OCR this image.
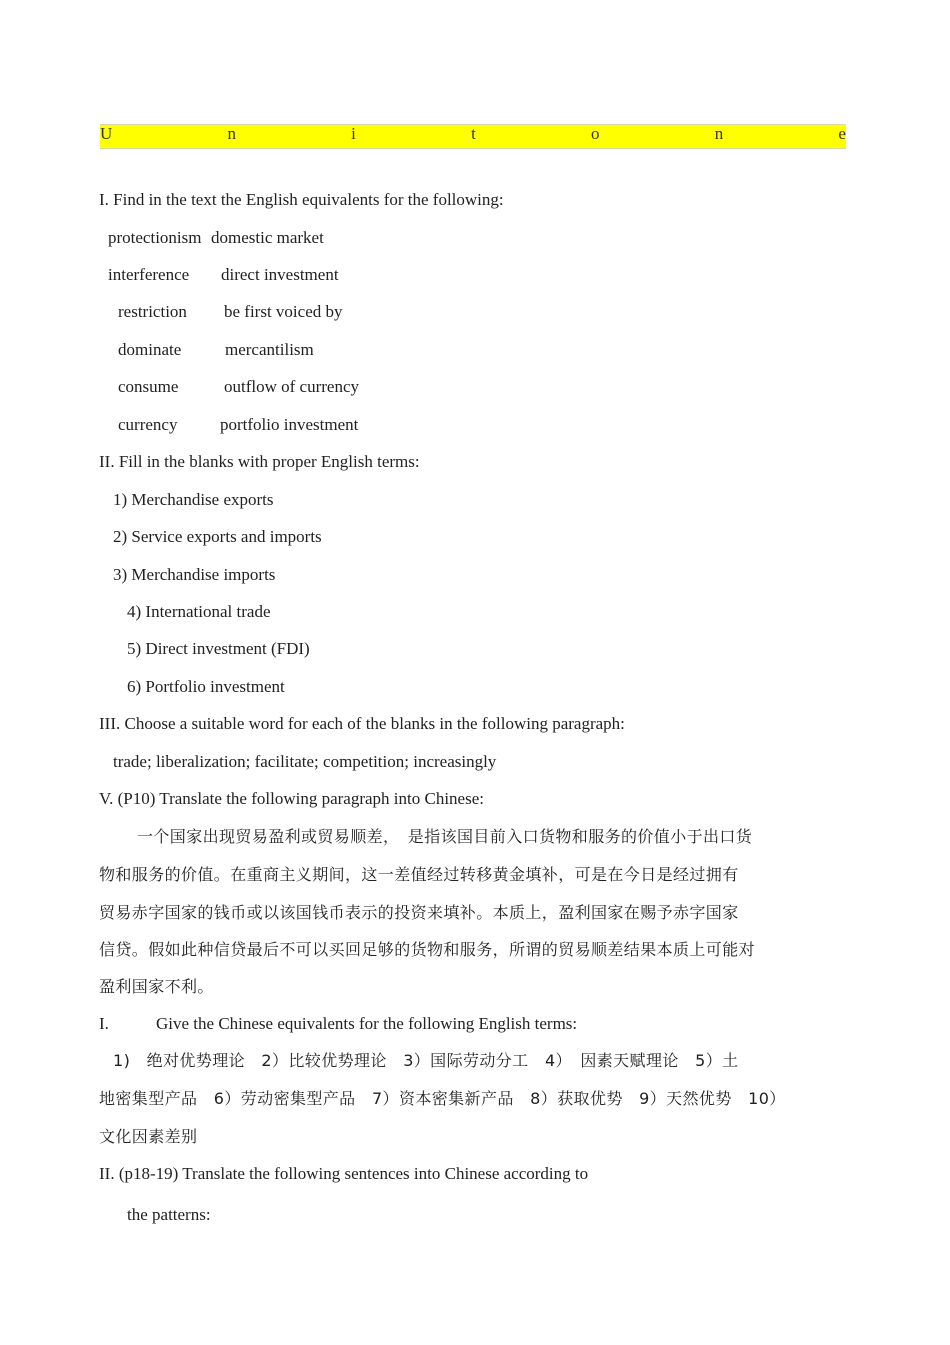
U	n	i	t	o	n	e
I. Find in the text the English equivalents for the following:
protectionism domestic market
interference direct investment
restriction be first voiced by
dominate	mercantilism
consume	outflow of currency
currency	portfolio investment
II. Fill in the blanks with proper English terms:
1) Merchandise exports
2) Service exports and imports
3) Merchandise imports
4) International trade
5) Direct investment (FDI)
6) Portfolio investment
III. Choose a suitable word for each of the blanks in the following paragraph:
trade; liberalization; facilitate; competition; increasingly
V. (P10) Translate the following paragraph into Chinese:
一个国家出现贸易盈利或贸易顺差，　是指该国目前入口货物和服务的价值小于出口货
物和服务的价值。在重商主义期间，这一差值经过转移黄金填补，可是在今日是经过拥有
贸易赤字国家的钱币或以该国钱币表示的投资来填补。本质上，盈利国家在赐予赤字国家
信贷。假如此种信贷最后不可以买回足够的货物和服务，所谓的贸易顺差结果本质上可能对
盈利国家不利。
I.	Give the Chinese equivalents for the following English terms:
1)　绝对优势理论　2）比较优势理论　3）国际劳动分工　4）　因素天赋理论　5）土
地密集型产品　6）劳动密集型产品　7）资本密集新产品　8）获取优势　9）天然优势　10）
文化因素差别
II. (p18-19) Translate the following sentences into Chinese according to
the patterns:
